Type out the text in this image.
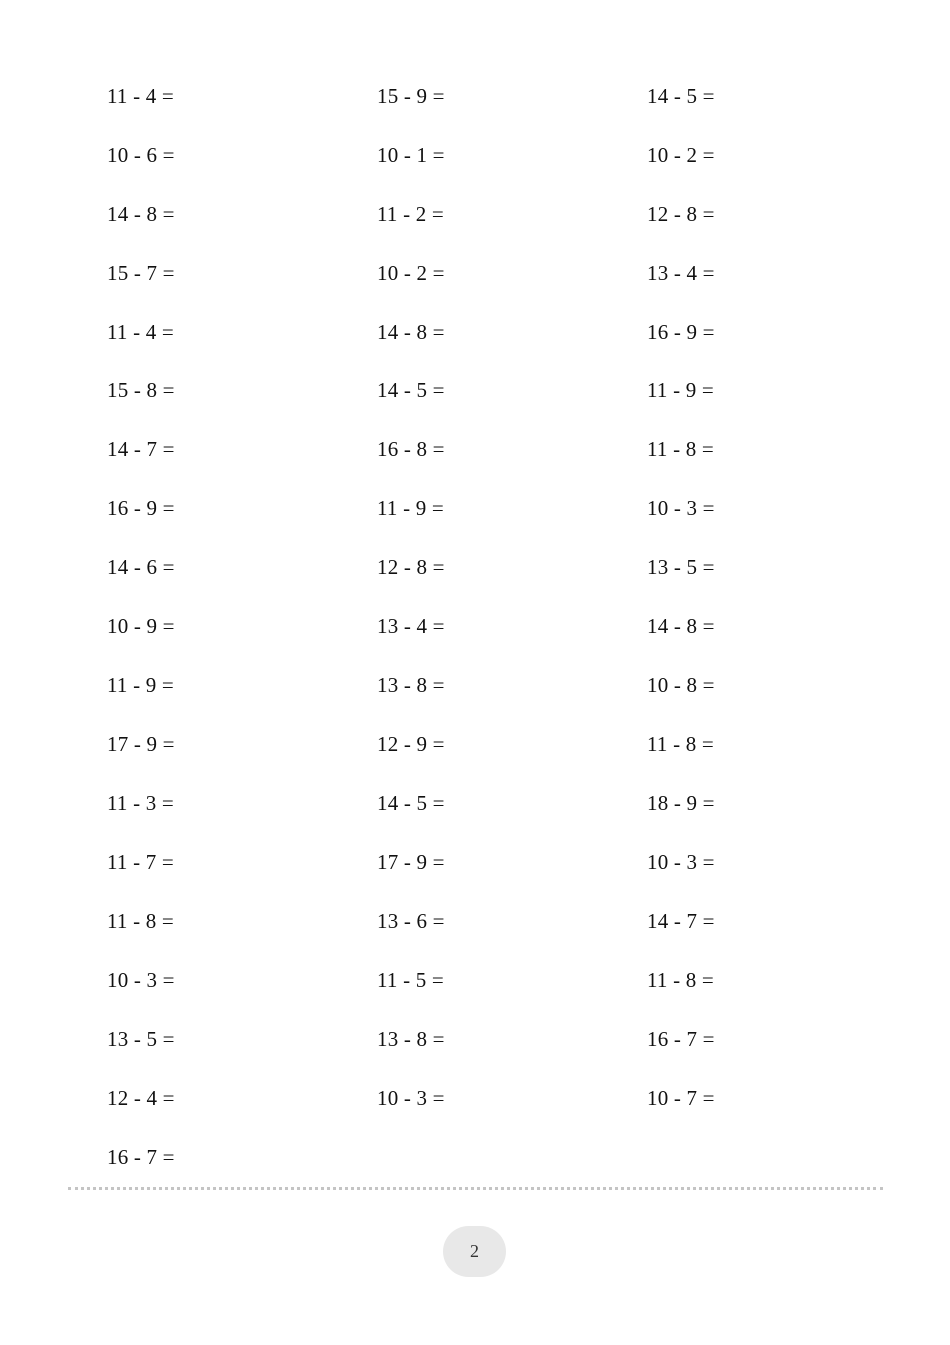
11 - 4 =	15 - 9 =	14 - 5 =
10 - 6 =	10 - 1 =	10 - 2 =
14 - 8 =	11 - 2 =	12 - 8 =
15 - 7 =	10 - 2 =	13 - 4 =
11 - 4 =	14 - 8 =	16 - 9 =
15 - 8 =	14 - 5 =	11 - 9 =
14 - 7 =	16 - 8 =	11 - 8 =
16 - 9 =	11 - 9 =	10 - 3 =
14 - 6 =	12 - 8 =	13 - 5 =
10 - 9 =	13 - 4 =	14 - 8 =
11 - 9 =	13 - 8 =	10 - 8 =
17 - 9 =	12 - 9 =	11 - 8 =
11 - 3 =	14 - 5 =	18 - 9 =
11 - 7 =	17 - 9 =	10 - 3 =
11 - 8 =	13 - 6 =	14 - 7 =
10 - 3 =	11 - 5 =	11 - 8 =
13 - 5 =	13 - 8 =	16 - 7 =
12 - 4 =	10 - 3 =	10 - 7 =
16 - 7 =
2
